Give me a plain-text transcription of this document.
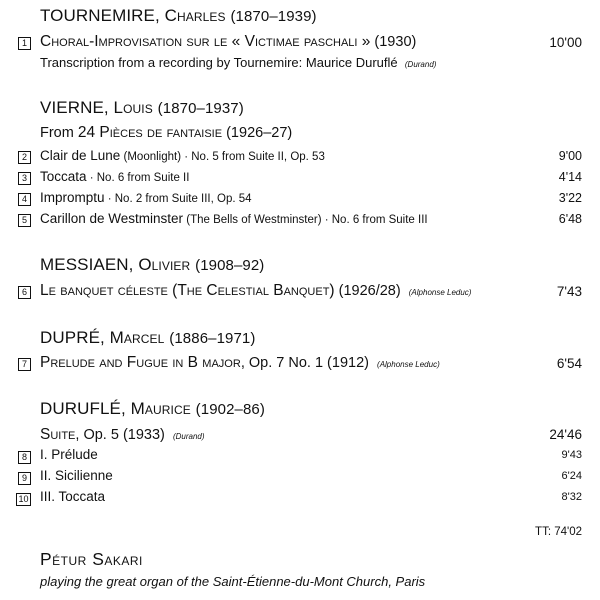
TOURNEMIRE, Charles (1870–1939)
1 Choral-Improvisation sur le « Victimae paschali » (1930)	10'00
Transcription from a recording by Tournemire: Maurice Duruflé (Durand)
VIERNE, Louis (1870–1937)
From 24 Pièces de fantaisie (1926–27)
2 Clair de Lune (Moonlight) · No. 5 from Suite II, Op. 53	9'00
3 Toccata · No. 6 from Suite II	4'14
4 Impromptu · No. 2 from Suite III, Op. 54	3'22
5 Carillon de Westminster (The Bells of Westminster) · No. 6 from Suite III	6'48
MESSIAEN, Olivier (1908–92)
6 Le banquet céleste (The Celestial Banquet) (1926/28) (Alphonse Leduc)	7'43
DUPRÉ, Marcel (1886–1971)
7 Prelude and Fugue in B major, Op. 7 No. 1 (1912) (Alphonse Leduc)	6'54
DURUFLÉ, Maurice (1902–86)
Suite, Op. 5 (1933) (Durand)	24'46
8 I. Prélude	9'43
9 II. Sicilienne	6'24
10 III. Toccata	8'32
TT: 74'02
Pétur Sakari
playing the great organ of the Saint-Étienne-du-Mont Church, Paris
